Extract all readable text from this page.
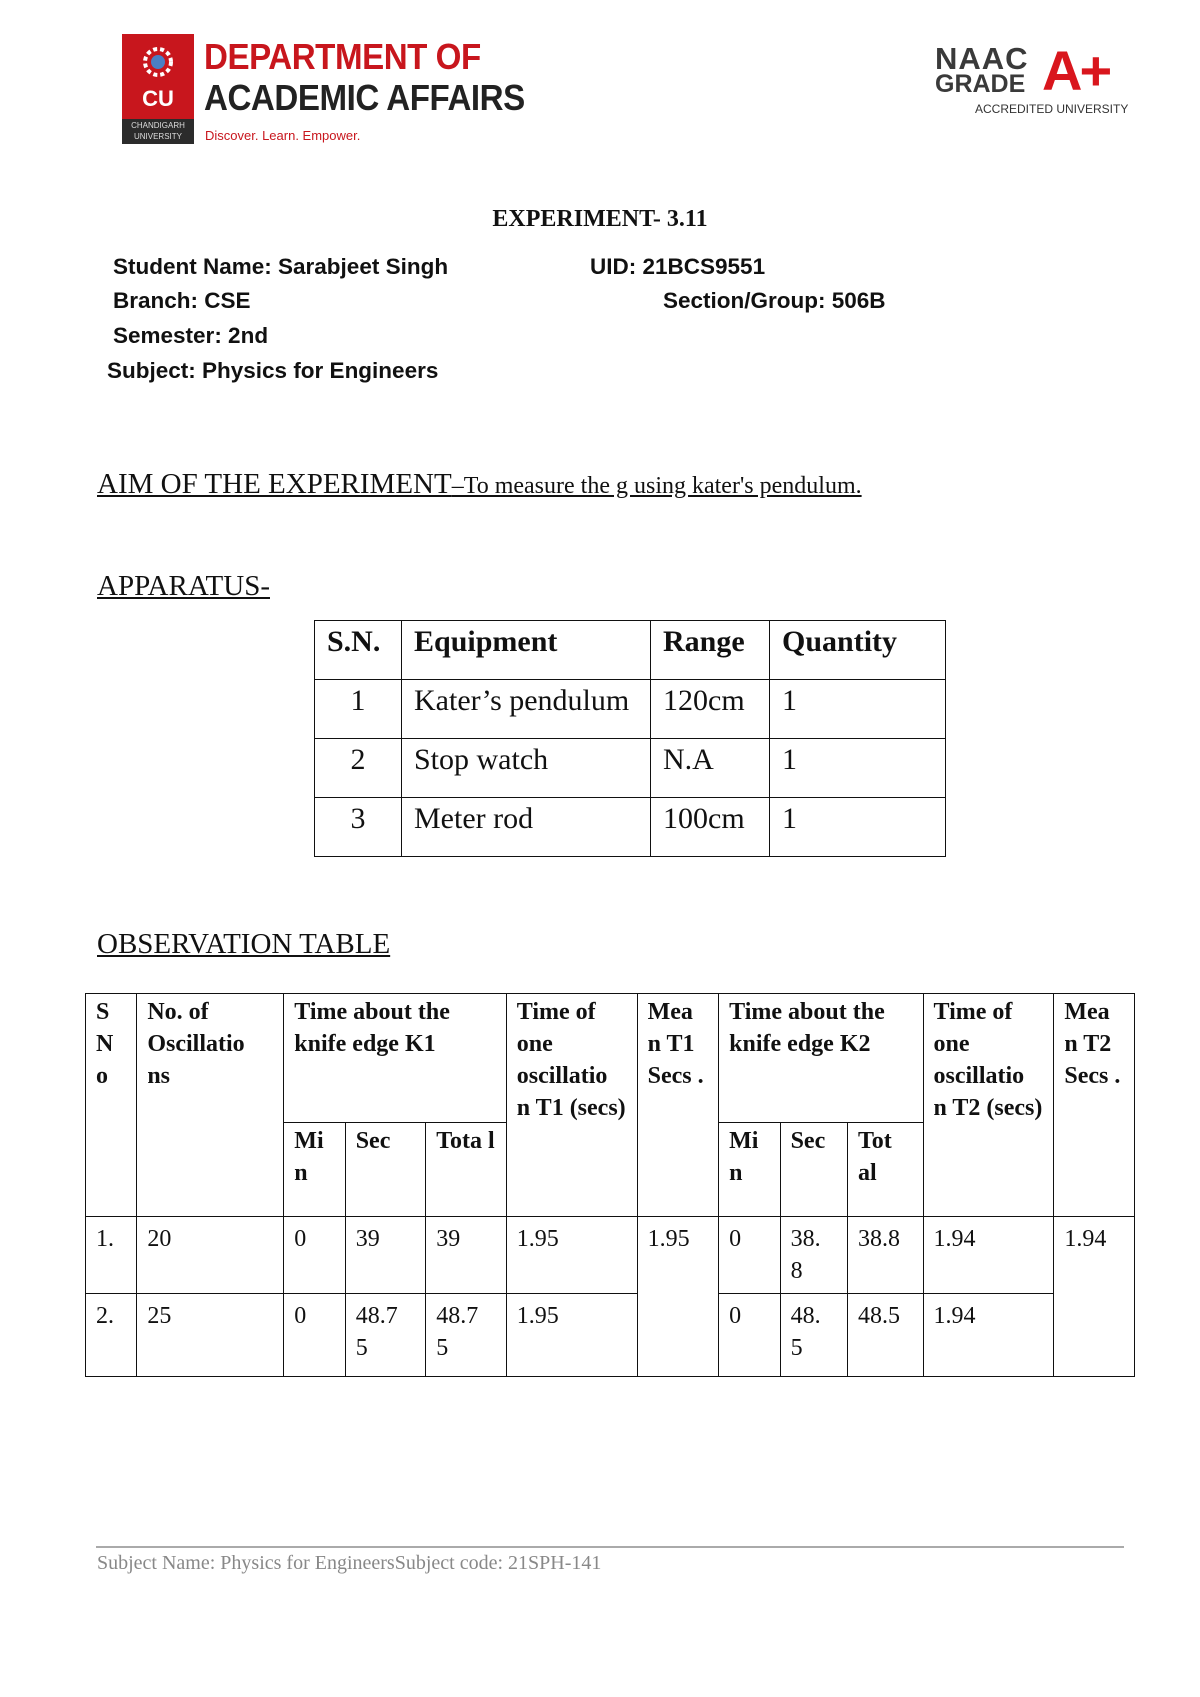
CU
CHANDIGARH UNIVERSITY
DEPARTMENT OF
ACADEMIC AFFAIRS
Discover. Learn. Empower.
NAAC
GRADE A+
ACCREDITED UNIVERSITY
EXPERIMENT- 3.11
Student Name: Sarabjeet Singh	UID: 21BCS9551
Branch: CSE	Section/Group: 506B
Semester: 2nd
Subject: Physics for Engineers
AIM OF THE EXPERIMENT–To measure the g using kater's pendulum.
APPARATUS-
S.N.	Equipment	Range	Quantity
1	Kater’s pendulum	120cm	1
2	Stop watch	N.A	1
3	Meter rod	100cm	1
OBSERVATION TABLE
S N o	No. of Oscillatio ns	Time about the knife edge K1			Time of one oscillatio n T1 (secs)	Mea n T1 Secs .	Time about the knife edge K2			Time of one oscillatio n T2 (secs)	Mea n T2 Secs .
		Mi n	Sec	Tota l			Mi n	Sec	Tot al		
1.	20	0	39	39	1.95	1.95	0	38. 8	38.8	1.94	1.94
2.	25	0	48.7 5	48.7 5	1.95		0	48. 5	48.5	1.94	
Subject Name: Physics for EngineersSubject code: 21SPH-141
